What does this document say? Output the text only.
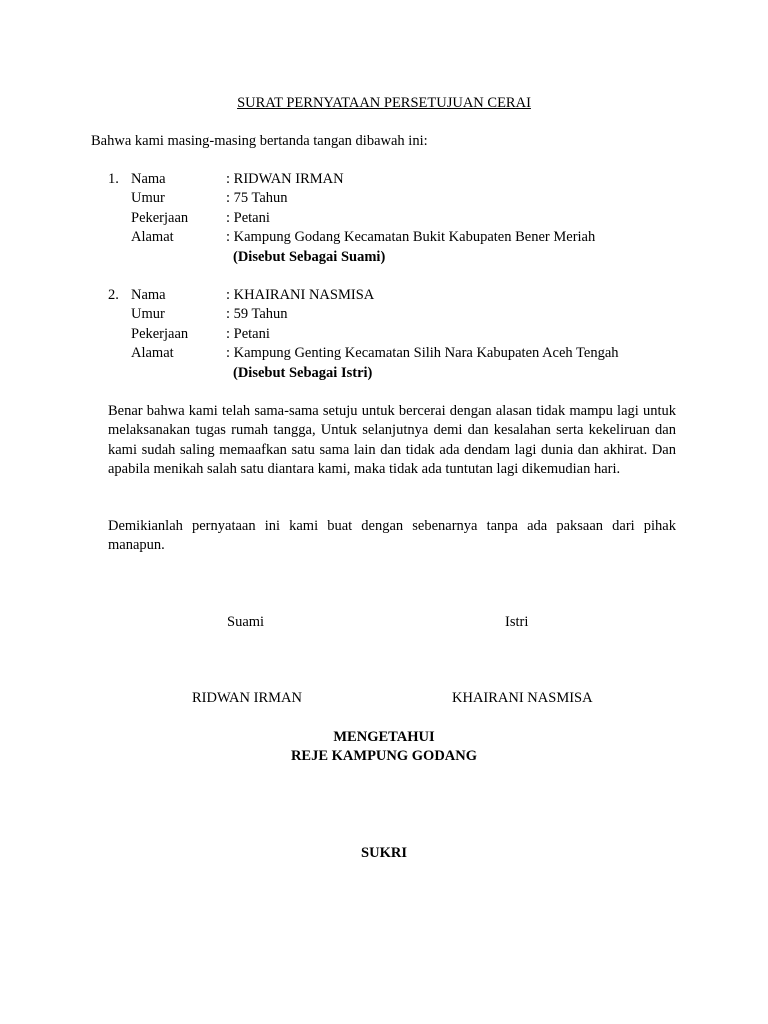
SURAT PERNYATAAN PERSETUJUAN CERAI
Bahwa kami masing-masing bertanda tangan dibawah ini:
1. Nama	: RIDWAN IRMAN
Umur	: 75 Tahun
Pekerjaan	: Petani
Alamat	: Kampung Godang Kecamatan Bukit Kabupaten Bener Meriah
(Disebut Sebagai Suami)
2. Nama	: KHAIRANI NASMISA
Umur	: 59 Tahun
Pekerjaan	: Petani
Alamat	: Kampung Genting Kecamatan Silih Nara Kabupaten Aceh Tengah
(Disebut Sebagai Istri)

Benar bahwa kami telah sama-sama setuju untuk bercerai dengan alasan tidak mampu lagi untuk melaksanakan tugas rumah tangga, Untuk selanjutnya demi dan kesalahan serta kekeliruan dan kami sudah saling memaafkan satu sama lain dan tidak ada dendam lagi dunia dan akhirat. Dan apabila menikah salah satu diantara kami, maka tidak ada tuntutan lagi dikemudian hari.

Demikianlah pernyataan ini kami buat dengan sebenarnya tanpa ada paksaan dari pihak manapun.

Suami	Istri
RIDWAN IRMAN	KHAIRANI NASMISA
MENGETAHUI
REJE KAMPUNG GODANG
SUKRI
